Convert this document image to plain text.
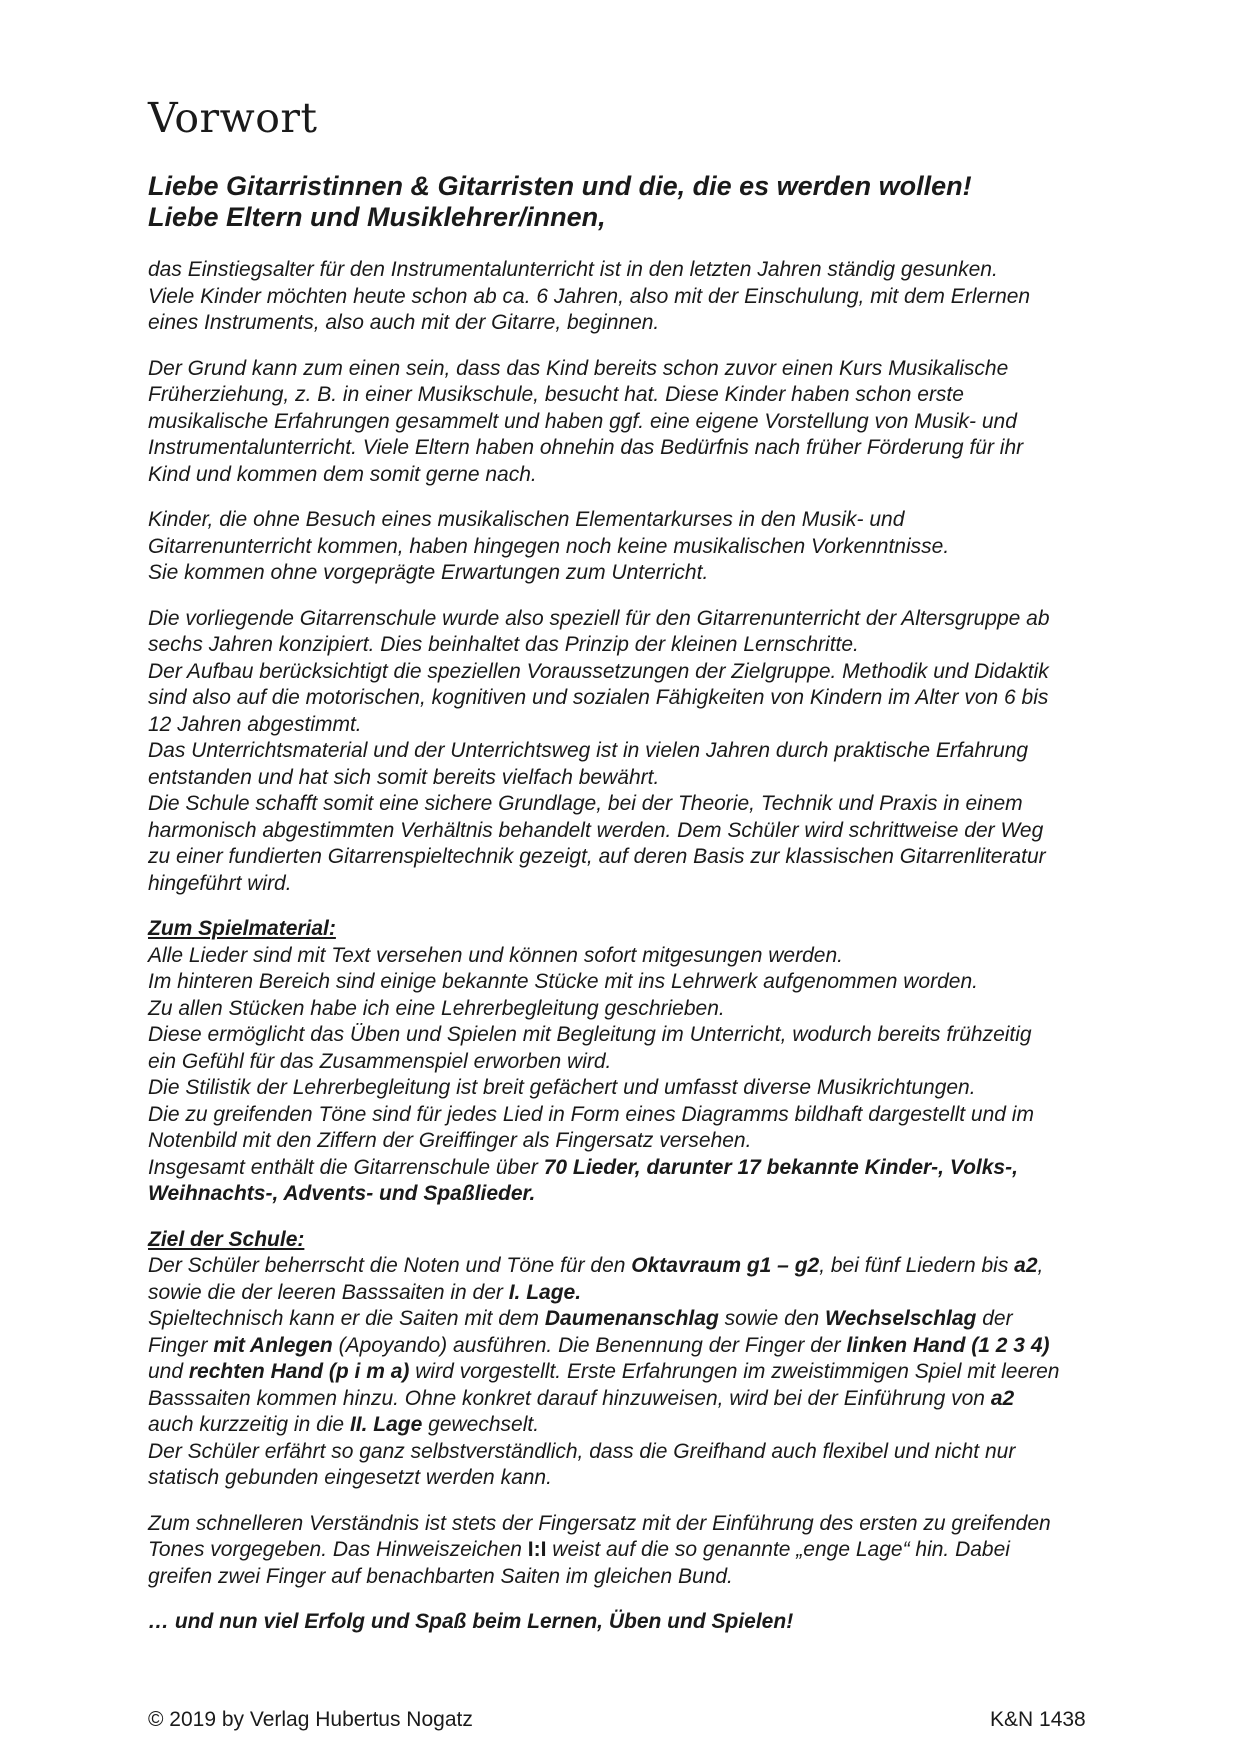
Vorwort
Liebe Gitarristinnen & Gitarristen und die, die es werden wollen!
Liebe Eltern und Musiklehrer/innen,

das Einstiegsalter für den Instrumentalunterricht ist in den letzten Jahren ständig gesunken.
Viele Kinder möchten heute schon ab ca. 6 Jahren, also mit der Einschulung, mit dem Erlernen
eines Instruments, also auch mit der Gitarre, beginnen.

Der Grund kann zum einen sein, dass das Kind bereits schon zuvor einen Kurs Musikalische
Früherziehung, z. B. in einer Musikschule, besucht hat. Diese Kinder haben schon erste
musikalische Erfahrungen gesammelt und haben ggf. eine eigene Vorstellung von Musik- und
Instrumentalunterricht. Viele Eltern haben ohnehin das Bedürfnis nach früher Förderung für ihr
Kind und kommen dem somit gerne nach.

Kinder, die ohne Besuch eines musikalischen Elementarkurses in den Musik- und
Gitarrenunterricht kommen, haben hingegen noch keine musikalischen Vorkenntnisse.
Sie kommen ohne vorgeprägte Erwartungen zum Unterricht.

Die vorliegende Gitarrenschule wurde also speziell für den Gitarrenunterricht der Altersgruppe ab
sechs Jahren konzipiert. Dies beinhaltet das Prinzip der kleinen Lernschritte.
Der Aufbau berücksichtigt die speziellen Voraussetzungen der Zielgruppe. Methodik und Didaktik
sind also auf die motorischen, kognitiven und sozialen Fähigkeiten von Kindern im Alter von 6 bis
12 Jahren abgestimmt.
Das Unterrichtsmaterial und der Unterrichtsweg ist in vielen Jahren durch praktische Erfahrung
entstanden und hat sich somit bereits vielfach bewährt.
Die Schule schafft somit eine sichere Grundlage, bei der Theorie, Technik und Praxis in einem
harmonisch abgestimmten Verhältnis behandelt werden. Dem Schüler wird schrittweise der Weg
zu einer fundierten Gitarrenspieltechnik gezeigt, auf deren Basis zur klassischen Gitarrenliteratur
hingeführt wird.

Zum Spielmaterial:
Alle Lieder sind mit Text versehen und können sofort mitgesungen werden.
Im hinteren Bereich sind einige bekannte Stücke mit ins Lehrwerk aufgenommen worden.
Zu allen Stücken habe ich eine Lehrerbegleitung geschrieben.
Diese ermöglicht das Üben und Spielen mit Begleitung im Unterricht, wodurch bereits frühzeitig
ein Gefühl für das Zusammenspiel erworben wird.
Die Stilistik der Lehrerbegleitung ist breit gefächert und umfasst diverse Musikrichtungen.
Die zu greifenden Töne sind für jedes Lied in Form eines Diagramms bildhaft dargestellt und im
Notenbild mit den Ziffern der Greiffinger als Fingersatz versehen.
Insgesamt enthält die Gitarrenschule über 70 Lieder, darunter 17 bekannte Kinder-, Volks-,
Weihnachts-, Advents- und Spaßlieder.

Ziel der Schule:
Der Schüler beherrscht die Noten und Töne für den Oktavraum g1 – g2, bei fünf Liedern bis a2,
sowie die der leeren Basssaiten in der I. Lage.
Spieltechnisch kann er die Saiten mit dem Daumenanschlag sowie den Wechselschlag der
Finger mit Anlegen (Apoyando) ausführen. Die Benennung der Finger der linken Hand (1 2 3 4)
und rechten Hand (p i m a) wird vorgestellt. Erste Erfahrungen im zweistimmigen Spiel mit leeren
Basssaiten kommen hinzu. Ohne konkret darauf hinzuweisen, wird bei der Einführung von a2
auch kurzzeitig in die II. Lage gewechselt.
Der Schüler erfährt so ganz selbstverständlich, dass die Greifhand auch flexibel und nicht nur
statisch gebunden eingesetzt werden kann.

Zum schnelleren Verständnis ist stets der Fingersatz mit der Einführung des ersten zu greifenden
Tones vorgegeben. Das Hinweiszeichen I:I weist auf die so genannte „enge Lage“ hin. Dabei
greifen zwei Finger auf benachbarten Saiten im gleichen Bund.

… und nun viel Erfolg und Spaß beim Lernen, Üben und Spielen!

© 2019 by Verlag Hubertus Nogatz	K&N 1438
